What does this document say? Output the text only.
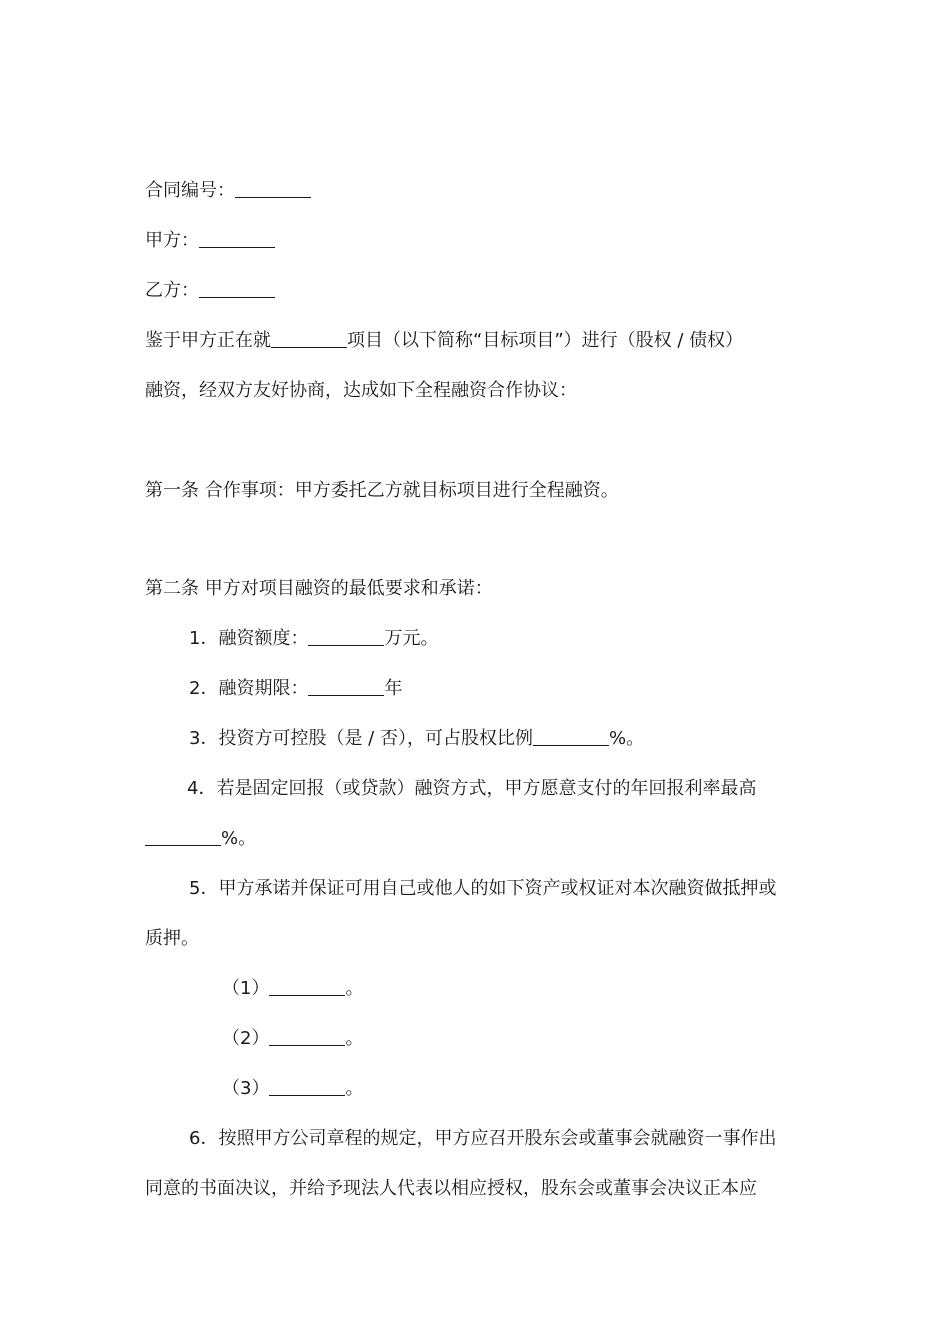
合同编号：
甲方：
乙方：
鉴于甲方正在就	项目（以下简称“目标项目”）进行（股权 / 债权）
融资，经双方友好协商，达成如下全程融资合作协议：
第一条 合作事项：甲方委托乙方就目标项目进行全程融资。
第二条 甲方对项目融资的最低要求和承诺：
1．融资额度：	万元。
2．融资期限：	年
3．投资方可控股（是 / 否），可占股权比例	%。
4．若是固定回报（或贷款）融资方式，甲方愿意支付的年回报利率最高
%。
5．甲方承诺并保证可用自己或他人的如下资产或权证对本次融资做抵押或
质押。
（1）	。
（2）	。
（3）	。
6．按照甲方公司章程的规定，甲方应召开股东会或董事会就融资一事作出
同意的书面决议，并给予现法人代表以相应授权，股东会或董事会决议正本应
